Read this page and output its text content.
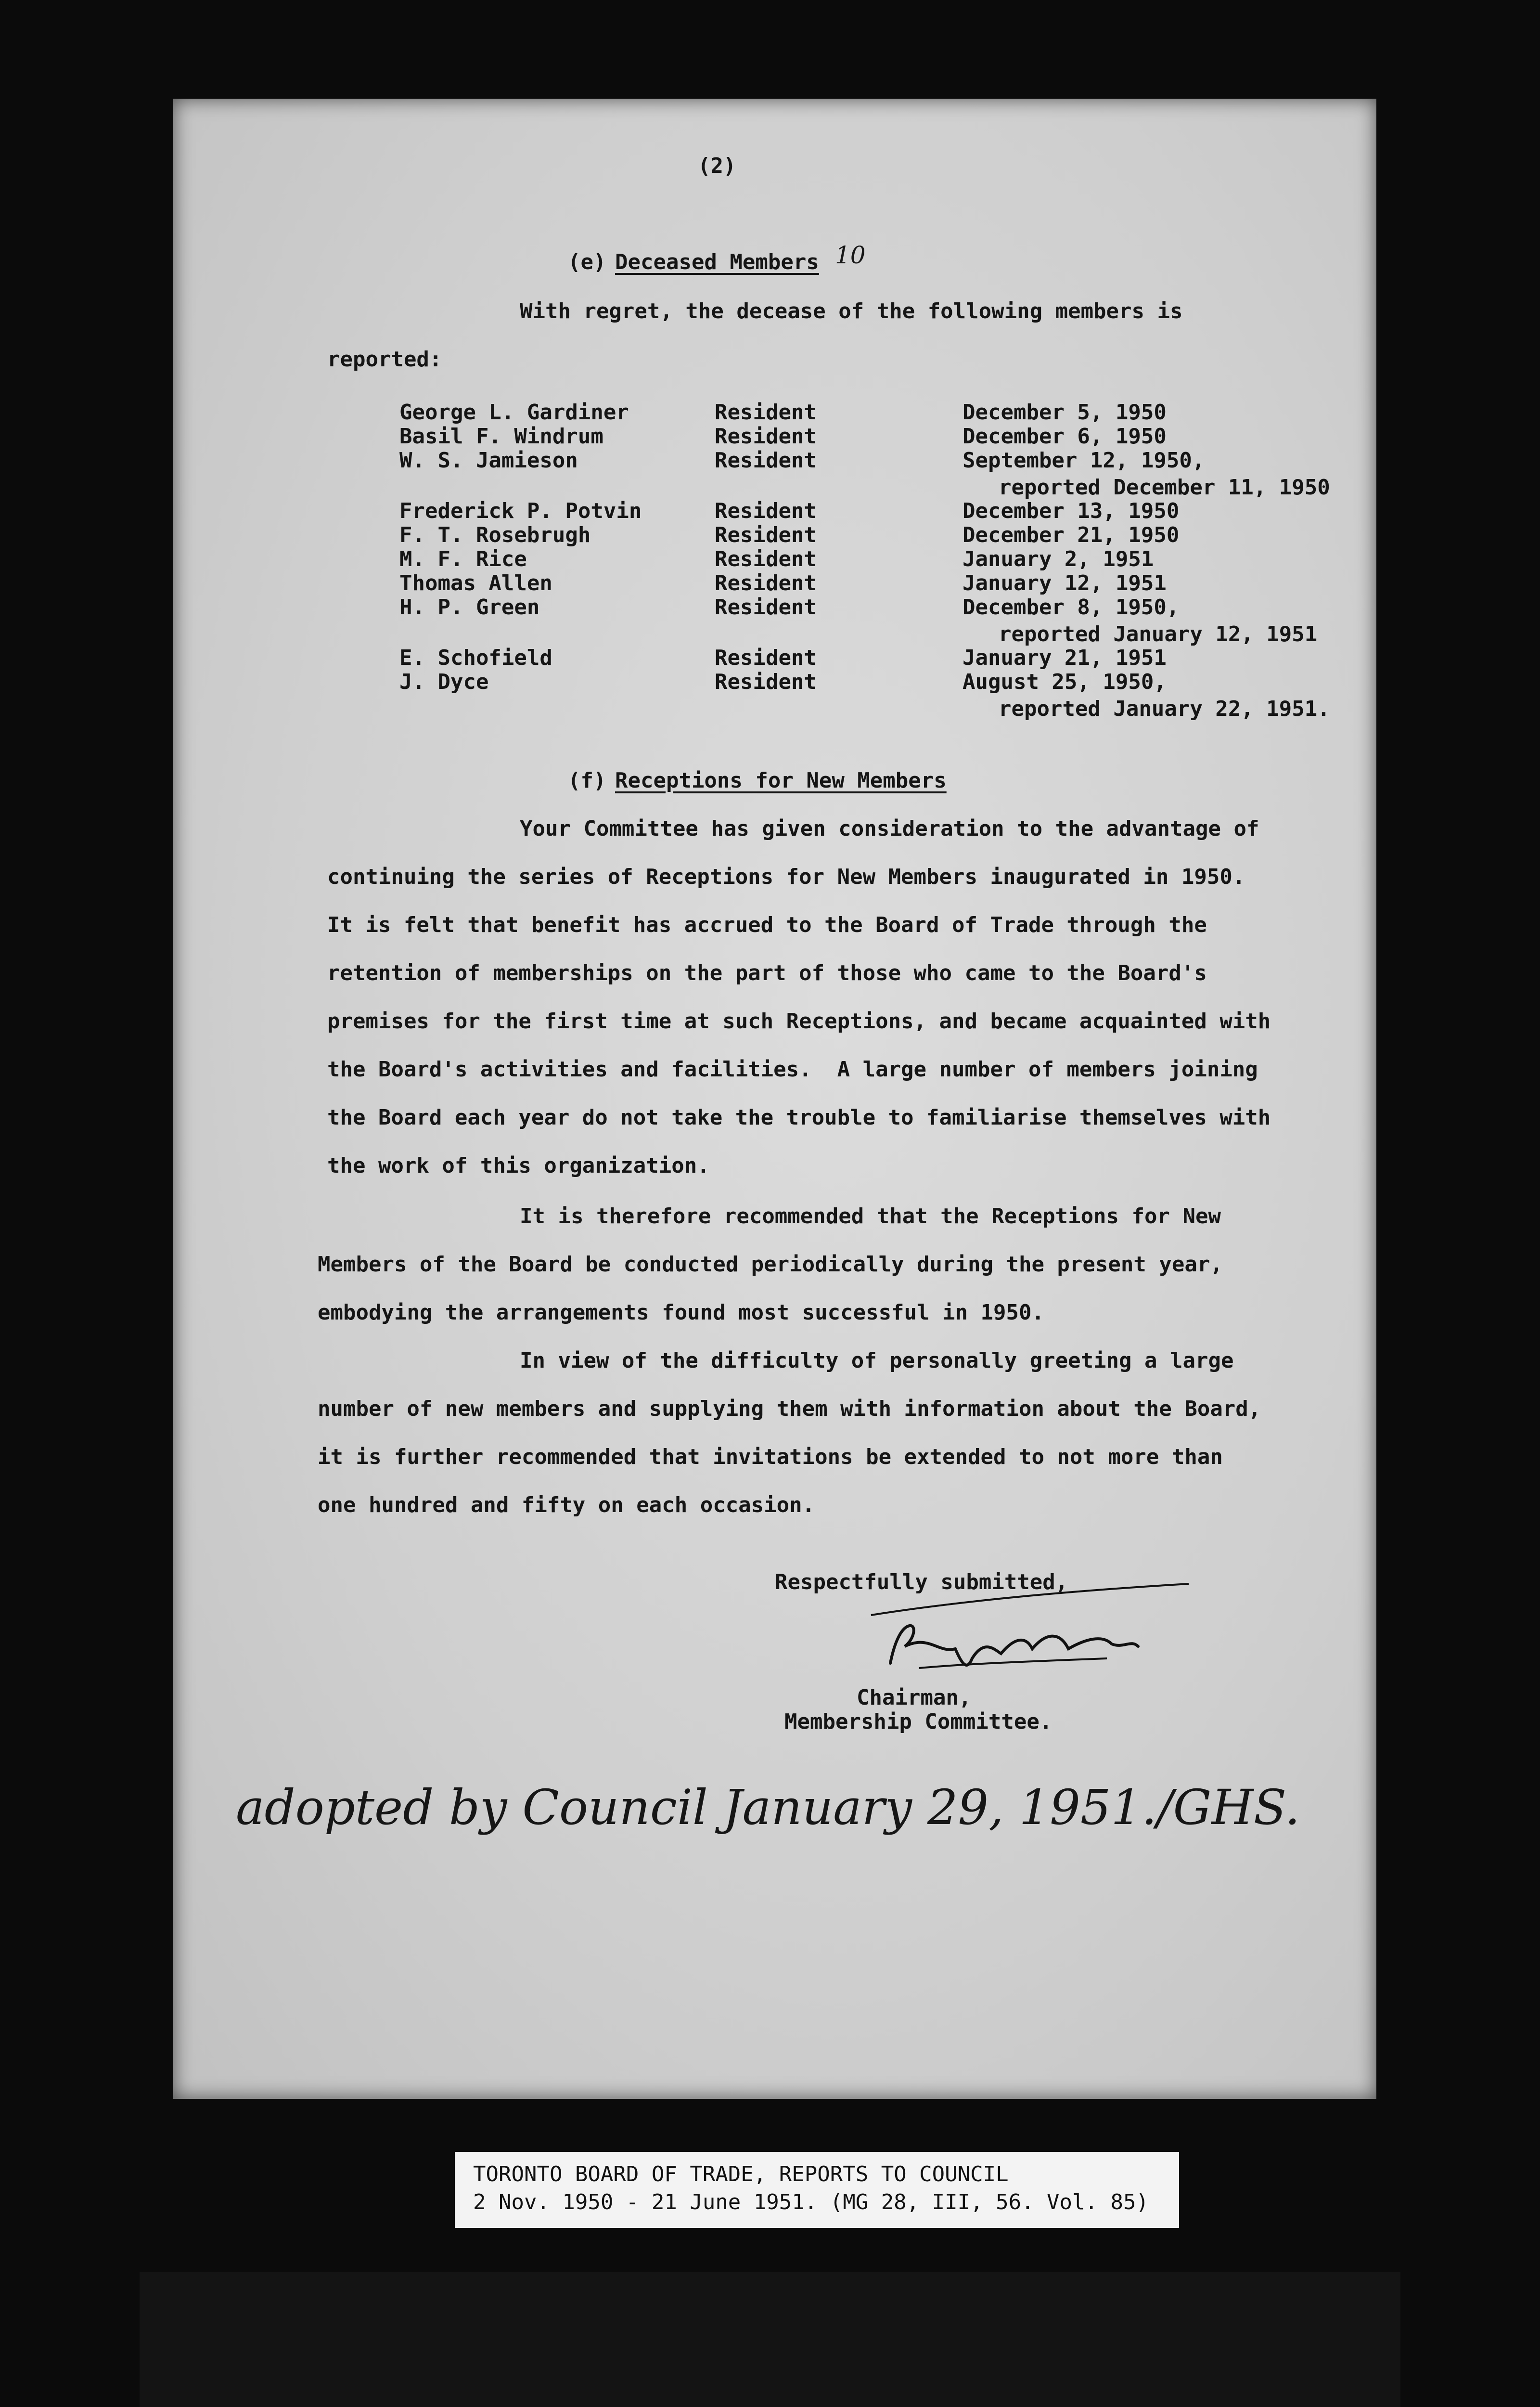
(2)
(e) Deceased Members 10
With regret, the decease of the following members is
reported:
George L. Gardiner	Resident	December 5, 1950
Basil F. Windrum	Resident	December 6, 1950
W. S. Jamieson	Resident	September 12, 1950,
reported December 11, 1950
Frederick P. Potvin	Resident	December 13, 1950
F. T. Rosebrugh	Resident	December 21, 1950
M. F. Rice	Resident	January 2, 1951
Thomas Allen	Resident	January 12, 1951
H. P. Green	Resident	December 8, 1950,
reported January 12, 1951
E. Schofield	Resident	January 21, 1951
J. Dyce	Resident	August 25, 1950,
reported January 22, 1951.
(f) Receptions for New Members
Your Committee has given consideration to the advantage of
continuing the series of Receptions for New Members inaugurated in 1950.
It is felt that benefit has accrued to the Board of Trade through the
retention of memberships on the part of those who came to the Board's
premises for the first time at such Receptions, and became acquainted with
the Board's activities and facilities.  A large number of members joining
the Board each year do not take the trouble to familiarise themselves with
the work of this organization.
It is therefore recommended that the Receptions for New
Members of the Board be conducted periodically during the present year,
embodying the arrangements found most successful in 1950.
In view of the difficulty of personally greeting a large
number of new members and supplying them with information about the Board,
it is further recommended that invitations be extended to not more than
one hundred and fifty on each occasion.
Respectfully submitted,
Chairman,
Membership Committee.
adopted by Council January 29, 1951./GHS.
TORONTO BOARD OF TRADE, REPORTS TO COUNCIL
2 Nov. 1950 - 21 June 1951. (MG 28, III, 56. Vol. 85)
